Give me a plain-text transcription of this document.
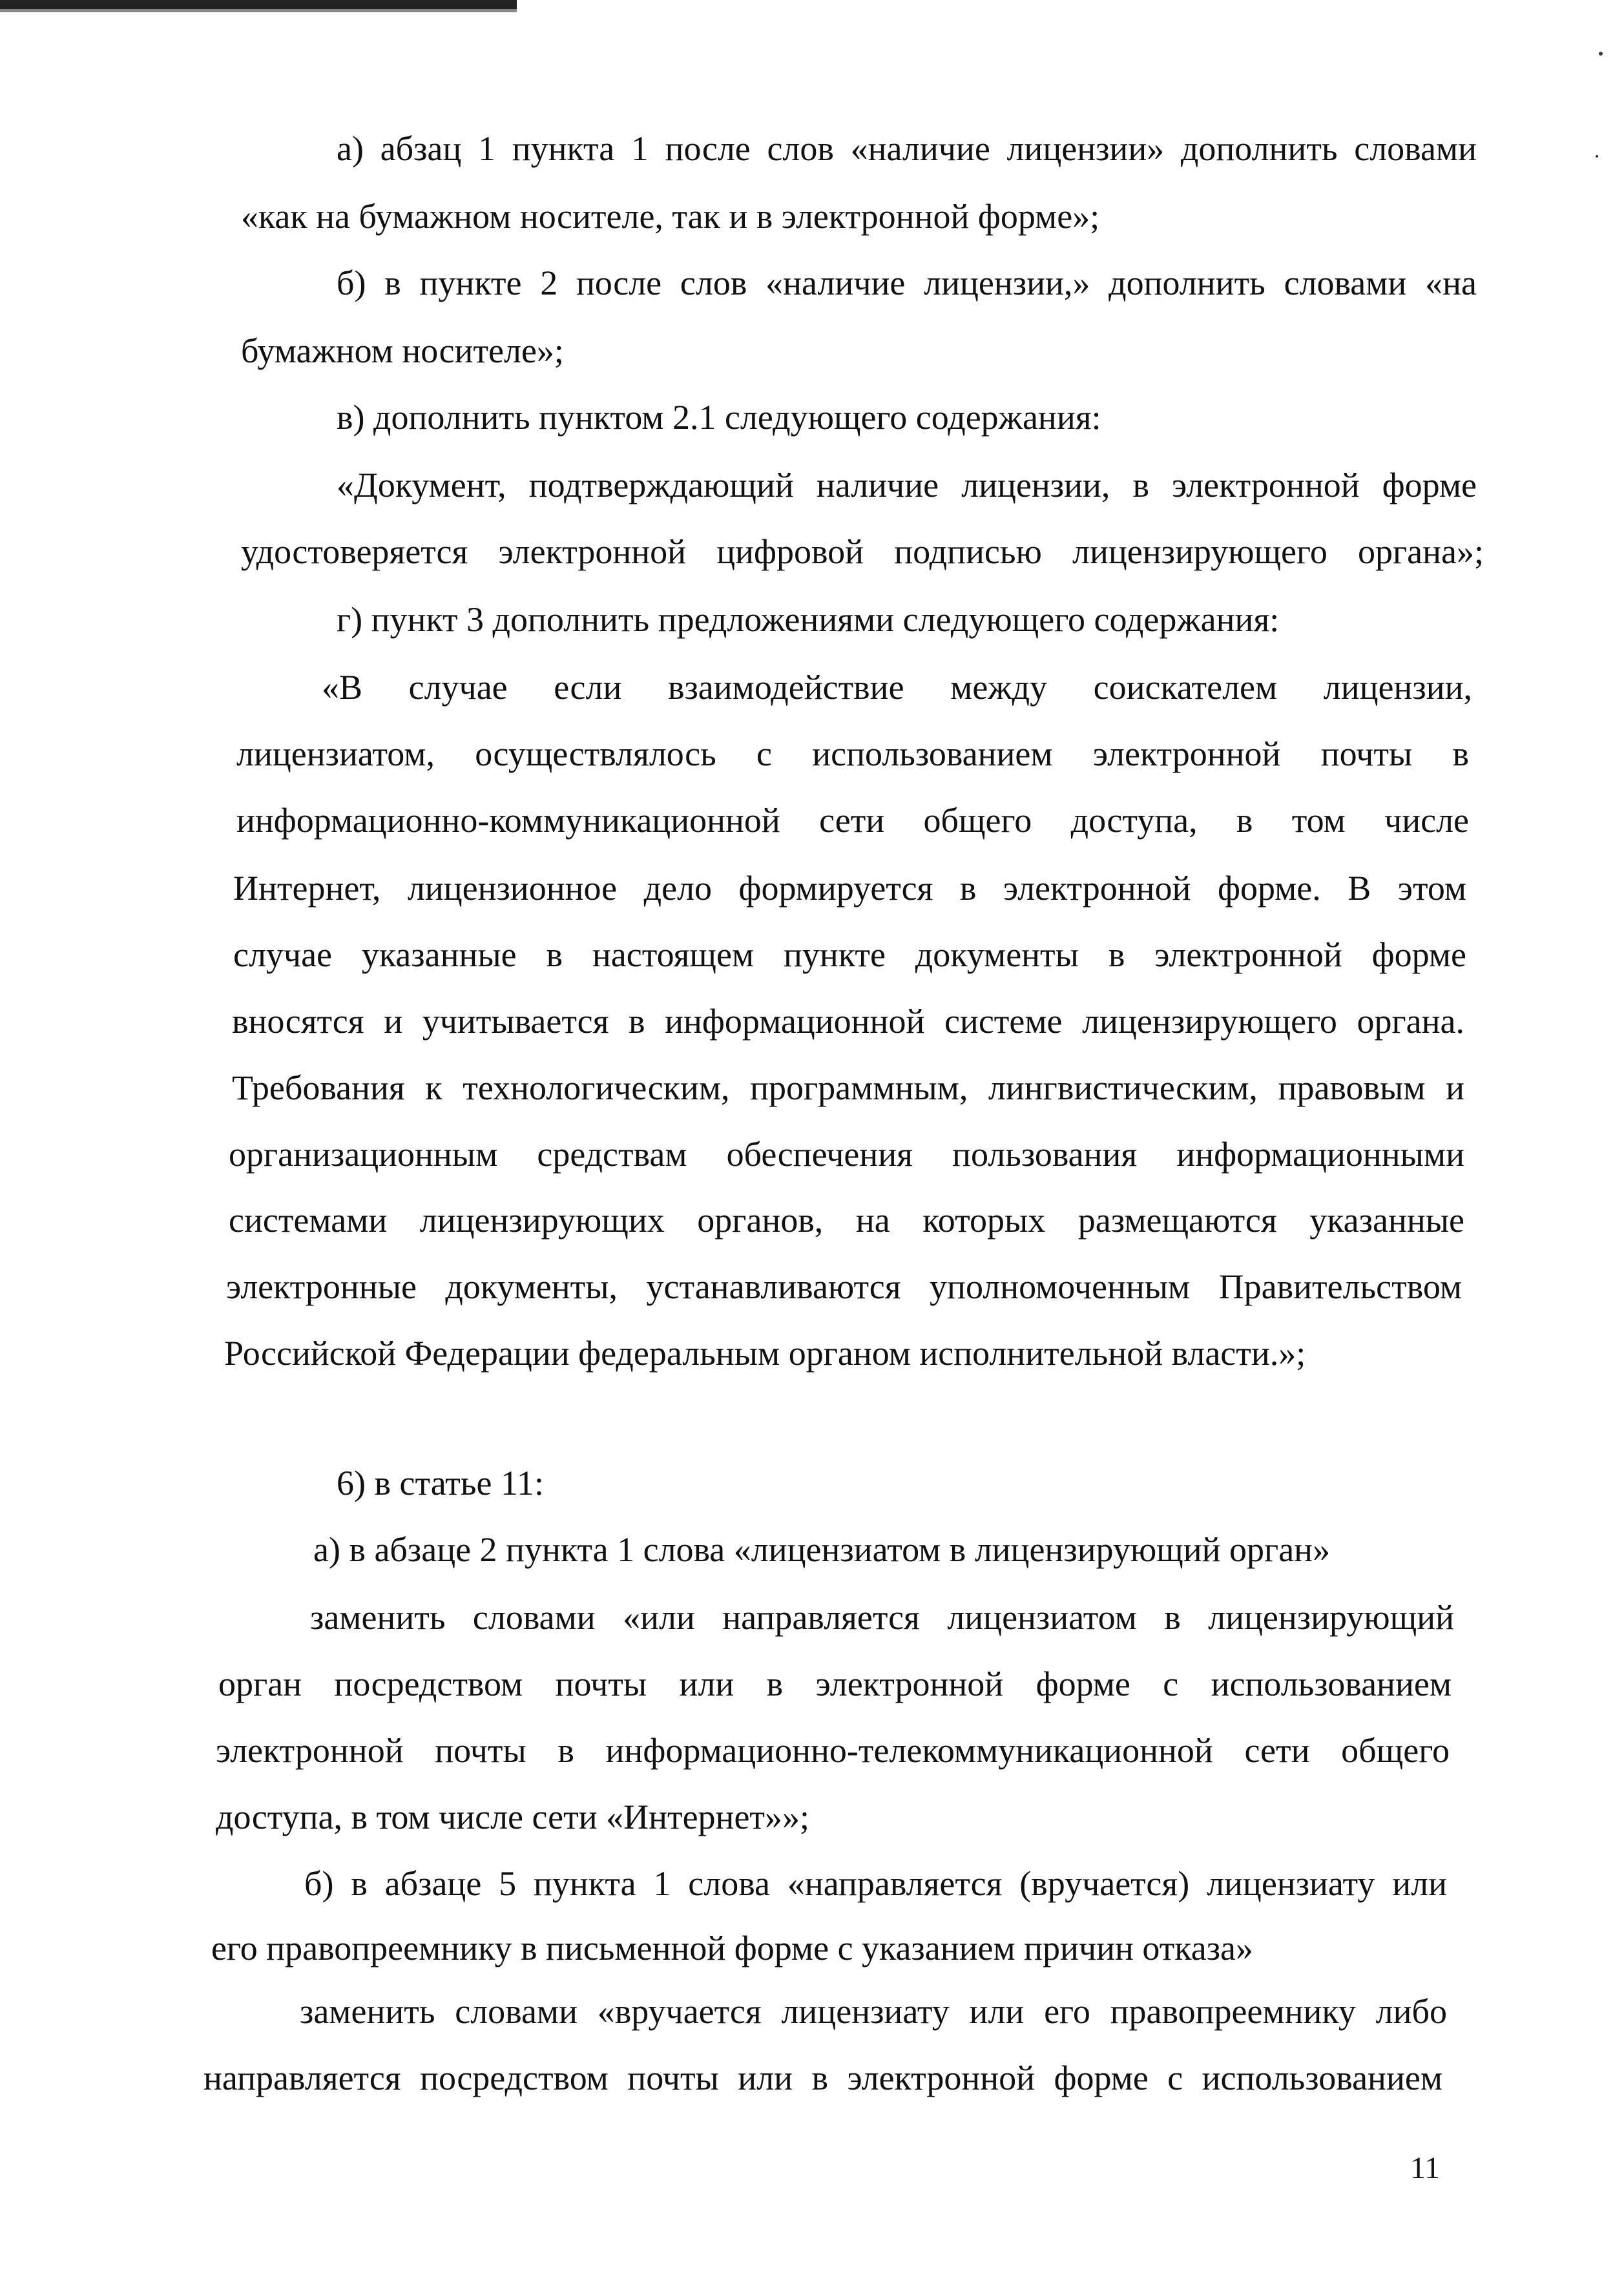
а) абзац 1 пункта 1 после слов «наличие лицензии» дополнить словами
«как на бумажном носителе, так и в электронной форме»;
б) в пункте 2 после слов «наличие лицензии,» дополнить словами «на
бумажном носителе»;
в) дополнить пунктом 2.1 следующего содержания:
«Документ, подтверждающий наличие лицензии, в электронной форме
удостоверяется электронной цифровой подписью лицензирующего органа»;
г) пункт 3 дополнить предложениями следующего содержания:
«В случае если взаимодействие между соискателем лицензии,
лицензиатом, осуществлялось с использованием электронной почты в
информационно-коммуникационной сети общего доступа, в том числе
Интернет, лицензионное дело формируется в электронной форме. В этом
случае указанные в настоящем пункте документы в электронной форме
вносятся и учитывается в информационной системе лицензирующего органа.
Требования к технологическим, программным, лингвистическим, правовым и
организационным средствам обеспечения пользования информационными
системами лицензирующих органов, на которых размещаются указанные
электронные документы, устанавливаются уполномоченным Правительством
Российской Федерации федеральным органом исполнительной власти.»;
6) в статье 11:
а) в абзаце 2 пункта 1 слова «лицензиатом в лицензирующий орган»
заменить словами «или направляется лицензиатом в лицензирующий
орган посредством почты или в электронной форме с использованием
электронной почты в информационно-телекоммуникационной сети общего
доступа, в том числе сети «Интернет»»;
б) в абзаце 5 пункта 1 слова «направляется (вручается) лицензиату или
его правопреемнику в письменной форме с указанием причин отказа»
заменить словами «вручается лицензиату или его правопреемнику либо
направляется посредством почты или в электронной форме с использованием
11
